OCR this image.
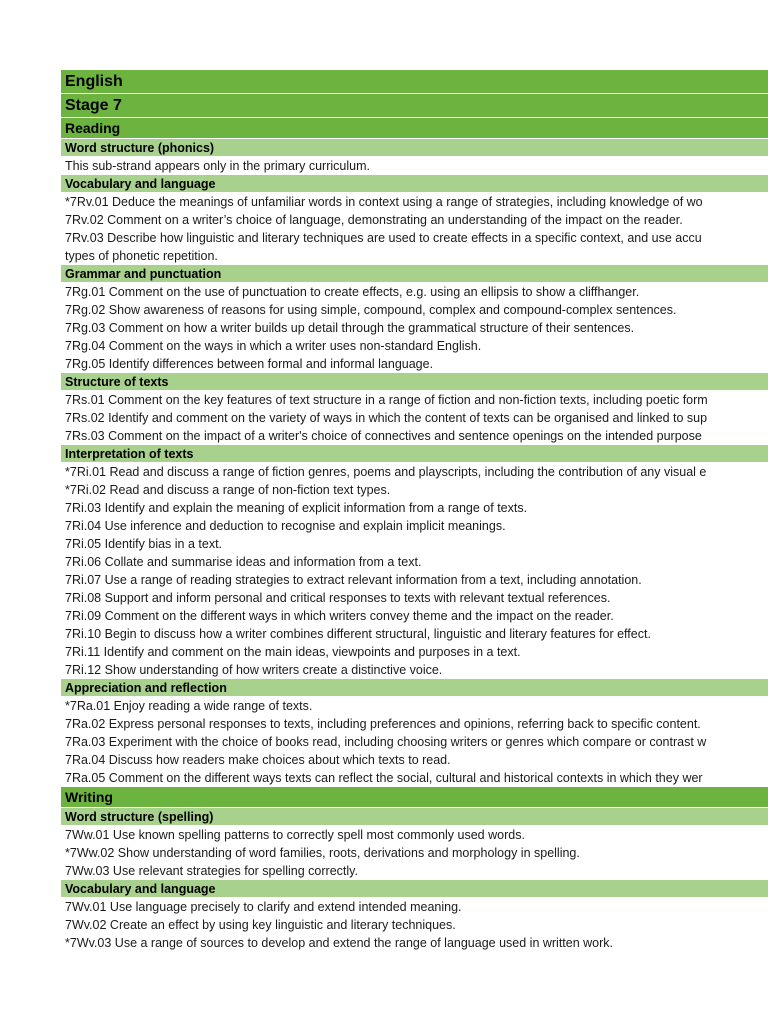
English
Stage 7
Reading
Word structure (phonics)
This sub-strand appears only in the primary curriculum.
Vocabulary and language
*7Rv.01 Deduce the meanings of unfamiliar words in context using a range of strategies, including knowledge of wo
7Rv.02 Comment on a writer’s choice of language, demonstrating an understanding of the impact on the reader.
7Rv.03 Describe how linguistic and literary techniques are used to create effects in a specific context, and use accu
types of phonetic repetition.
Grammar and punctuation
7Rg.01 Comment on the use of punctuation to create effects, e.g. using an ellipsis to show a cliffhanger.
7Rg.02 Show awareness of reasons for using simple, compound, complex and compound-complex sentences.
7Rg.03 Comment on how a writer builds up detail through the grammatical structure of their sentences.
7Rg.04 Comment on the ways in which a writer uses non-standard English.
7Rg.05 Identify differences between formal and informal language.
Structure of texts
7Rs.01 Comment on the key features of text structure in a range of fiction and non-fiction texts, including poetic form
7Rs.02 Identify and comment on the variety of ways in which the content of texts can be organised and linked to sup
7Rs.03 Comment on the impact of a writer's choice of connectives and sentence openings on the intended purpose
Interpretation of texts
*7Ri.01 Read and discuss a range of fiction genres, poems and playscripts, including the contribution of any visual e
*7Ri.02 Read and discuss a range of non-fiction text types.
7Ri.03 Identify and explain the meaning of explicit information from a range of texts.
7Ri.04 Use inference and deduction to recognise and explain implicit meanings.
7Ri.05 Identify bias in a text.
7Ri.06 Collate and summarise ideas and information from a text.
7Ri.07 Use a range of reading strategies to extract relevant information from a text, including annotation.
7Ri.08 Support and inform personal and critical responses to texts with relevant textual references.
7Ri.09 Comment on the different ways in which writers convey theme and the impact on the reader.
7Ri.10 Begin to discuss how a writer combines different structural, linguistic and literary features for effect.
7Ri.11 Identify and comment on the main ideas, viewpoints and purposes in a text.
7Ri.12 Show understanding of how writers create a distinctive voice.
Appreciation and reflection
*7Ra.01 Enjoy reading a wide range of texts.
7Ra.02 Express personal responses to texts, including preferences and opinions, referring back to specific content.
7Ra.03 Experiment with the choice of books read, including choosing writers or genres which compare or contrast w
7Ra.04 Discuss how readers make choices about which texts to read.
7Ra.05 Comment on the different ways texts can reflect the social, cultural and historical contexts in which they wer
Writing
Word structure (spelling)
7Ww.01 Use known spelling patterns to correctly spell most commonly used words.
*7Ww.02 Show understanding of word families, roots, derivations and morphology in spelling.
7Ww.03 Use relevant strategies for spelling correctly.
Vocabulary and language
7Wv.01 Use language precisely to clarify and extend intended meaning.
7Wv.02 Create an effect by using key linguistic and literary techniques.
*7Wv.03 Use a range of sources to develop and extend the range of language used in written work.
